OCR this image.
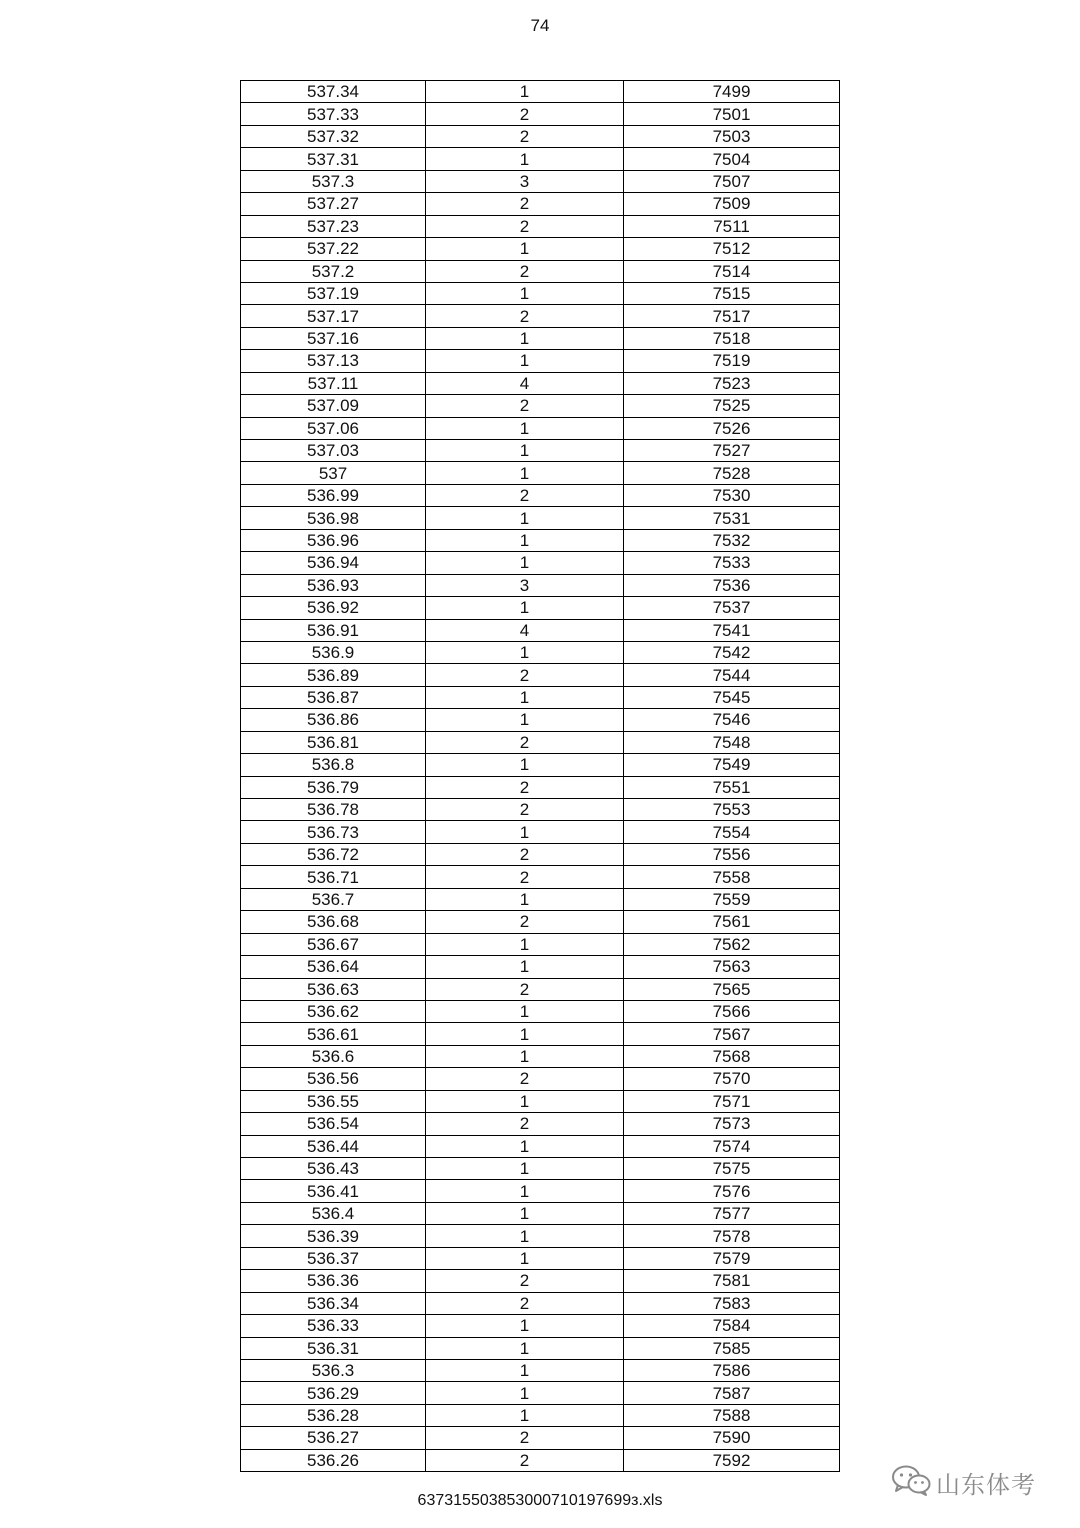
74
537.34	1	7499
537.33	2	7501
537.32	2	7503
537.31	1	7504
537.3	3	7507
537.27	2	7509
537.23	2	7511
537.22	1	7512
537.2	2	7514
537.19	1	7515
537.17	2	7517
537.16	1	7518
537.13	1	7519
537.11	4	7523
537.09	2	7525
537.06	1	7526
537.03	1	7527
537	1	7528
536.99	2	7530
536.98	1	7531
536.96	1	7532
536.94	1	7533
536.93	3	7536
536.92	1	7537
536.91	4	7541
536.9	1	7542
536.89	2	7544
536.87	1	7545
536.86	1	7546
536.81	2	7548
536.8	1	7549
536.79	2	7551
536.78	2	7553
536.73	1	7554
536.72	2	7556
536.71	2	7558
536.7	1	7559
536.68	2	7561
536.67	1	7562
536.64	1	7563
536.63	2	7565
536.62	1	7566
536.61	1	7567
536.6	1	7568
536.56	2	7570
536.55	1	7571
536.54	2	7573
536.44	1	7574
536.43	1	7575
536.41	1	7576
536.4	1	7577
536.39	1	7578
536.37	1	7579
536.36	2	7581
536.34	2	7583
536.33	1	7584
536.31	1	7585
536.3	1	7586
536.29	1	7587
536.28	1	7588
536.27	2	7590
536.26	2	7592
637315503853000710197699з.xls
山东体考
